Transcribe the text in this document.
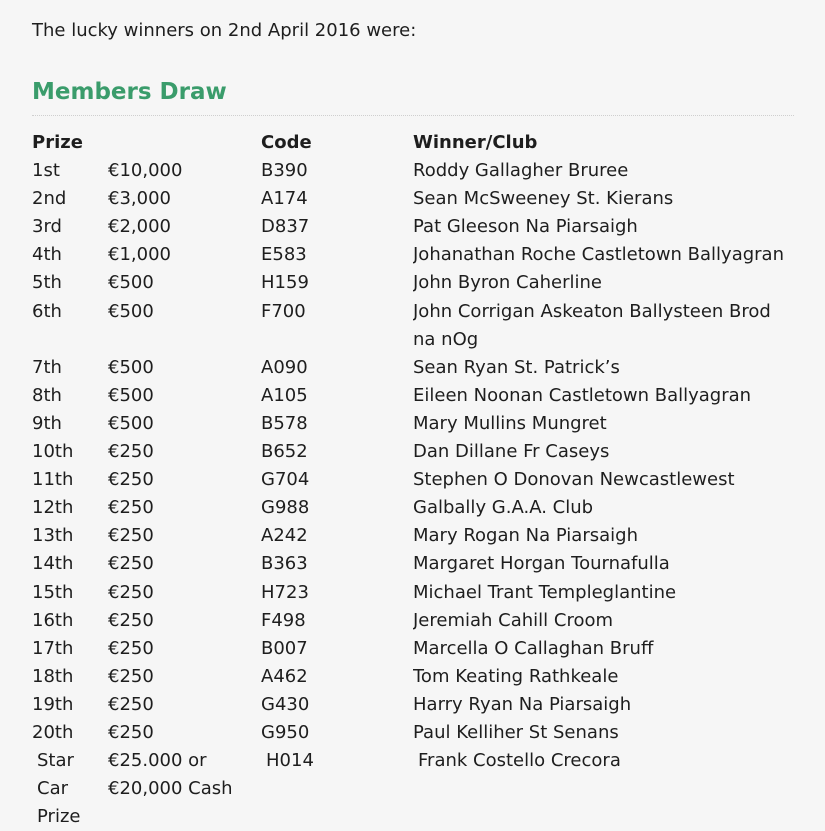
The lucky winners on 2nd April 2016 were:

Members Draw
Prize		Code	Winner/Club
1st	€10,000	B390	Roddy Gallagher Bruree
2nd	€3,000	A174	Sean McSweeney St. Kierans
3rd	€2,000	D837	Pat Gleeson Na Piarsaigh
4th	€1,000	E583	Johanathan Roche Castletown Ballyagran
5th	€500	H159	John Byron Caherline
6th	€500	F700	John Corrigan Askeaton Ballysteen Brod na nOg
7th	€500	A090	Sean Ryan St. Patrick’s
8th	€500	A105	Eileen Noonan Castletown Ballyagran
9th	€500	B578	Mary Mullins Mungret
10th	€250	B652	Dan Dillane Fr Caseys
11th	€250	G704	Stephen O Donovan Newcastlewest
12th	€250	G988	Galbally G.A.A. Club
13th	€250	A242	Mary Rogan Na Piarsaigh
14th	€250	B363	Margaret Horgan Tournafulla
15th	€250	H723	Michael Trant Templeglantine
16th	€250	F498	Jeremiah Cahill Croom
17th	€250	B007	Marcella O Callaghan Bruff
18th	€250	A462	Tom Keating Rathkeale
19th	€250	G430	Harry Ryan Na Piarsaigh
20th	€250	G950	Paul Kelliher St Senans
Star Car Prize	€25.000 or €20,000 Cash	H014	Frank Costello Crecora
